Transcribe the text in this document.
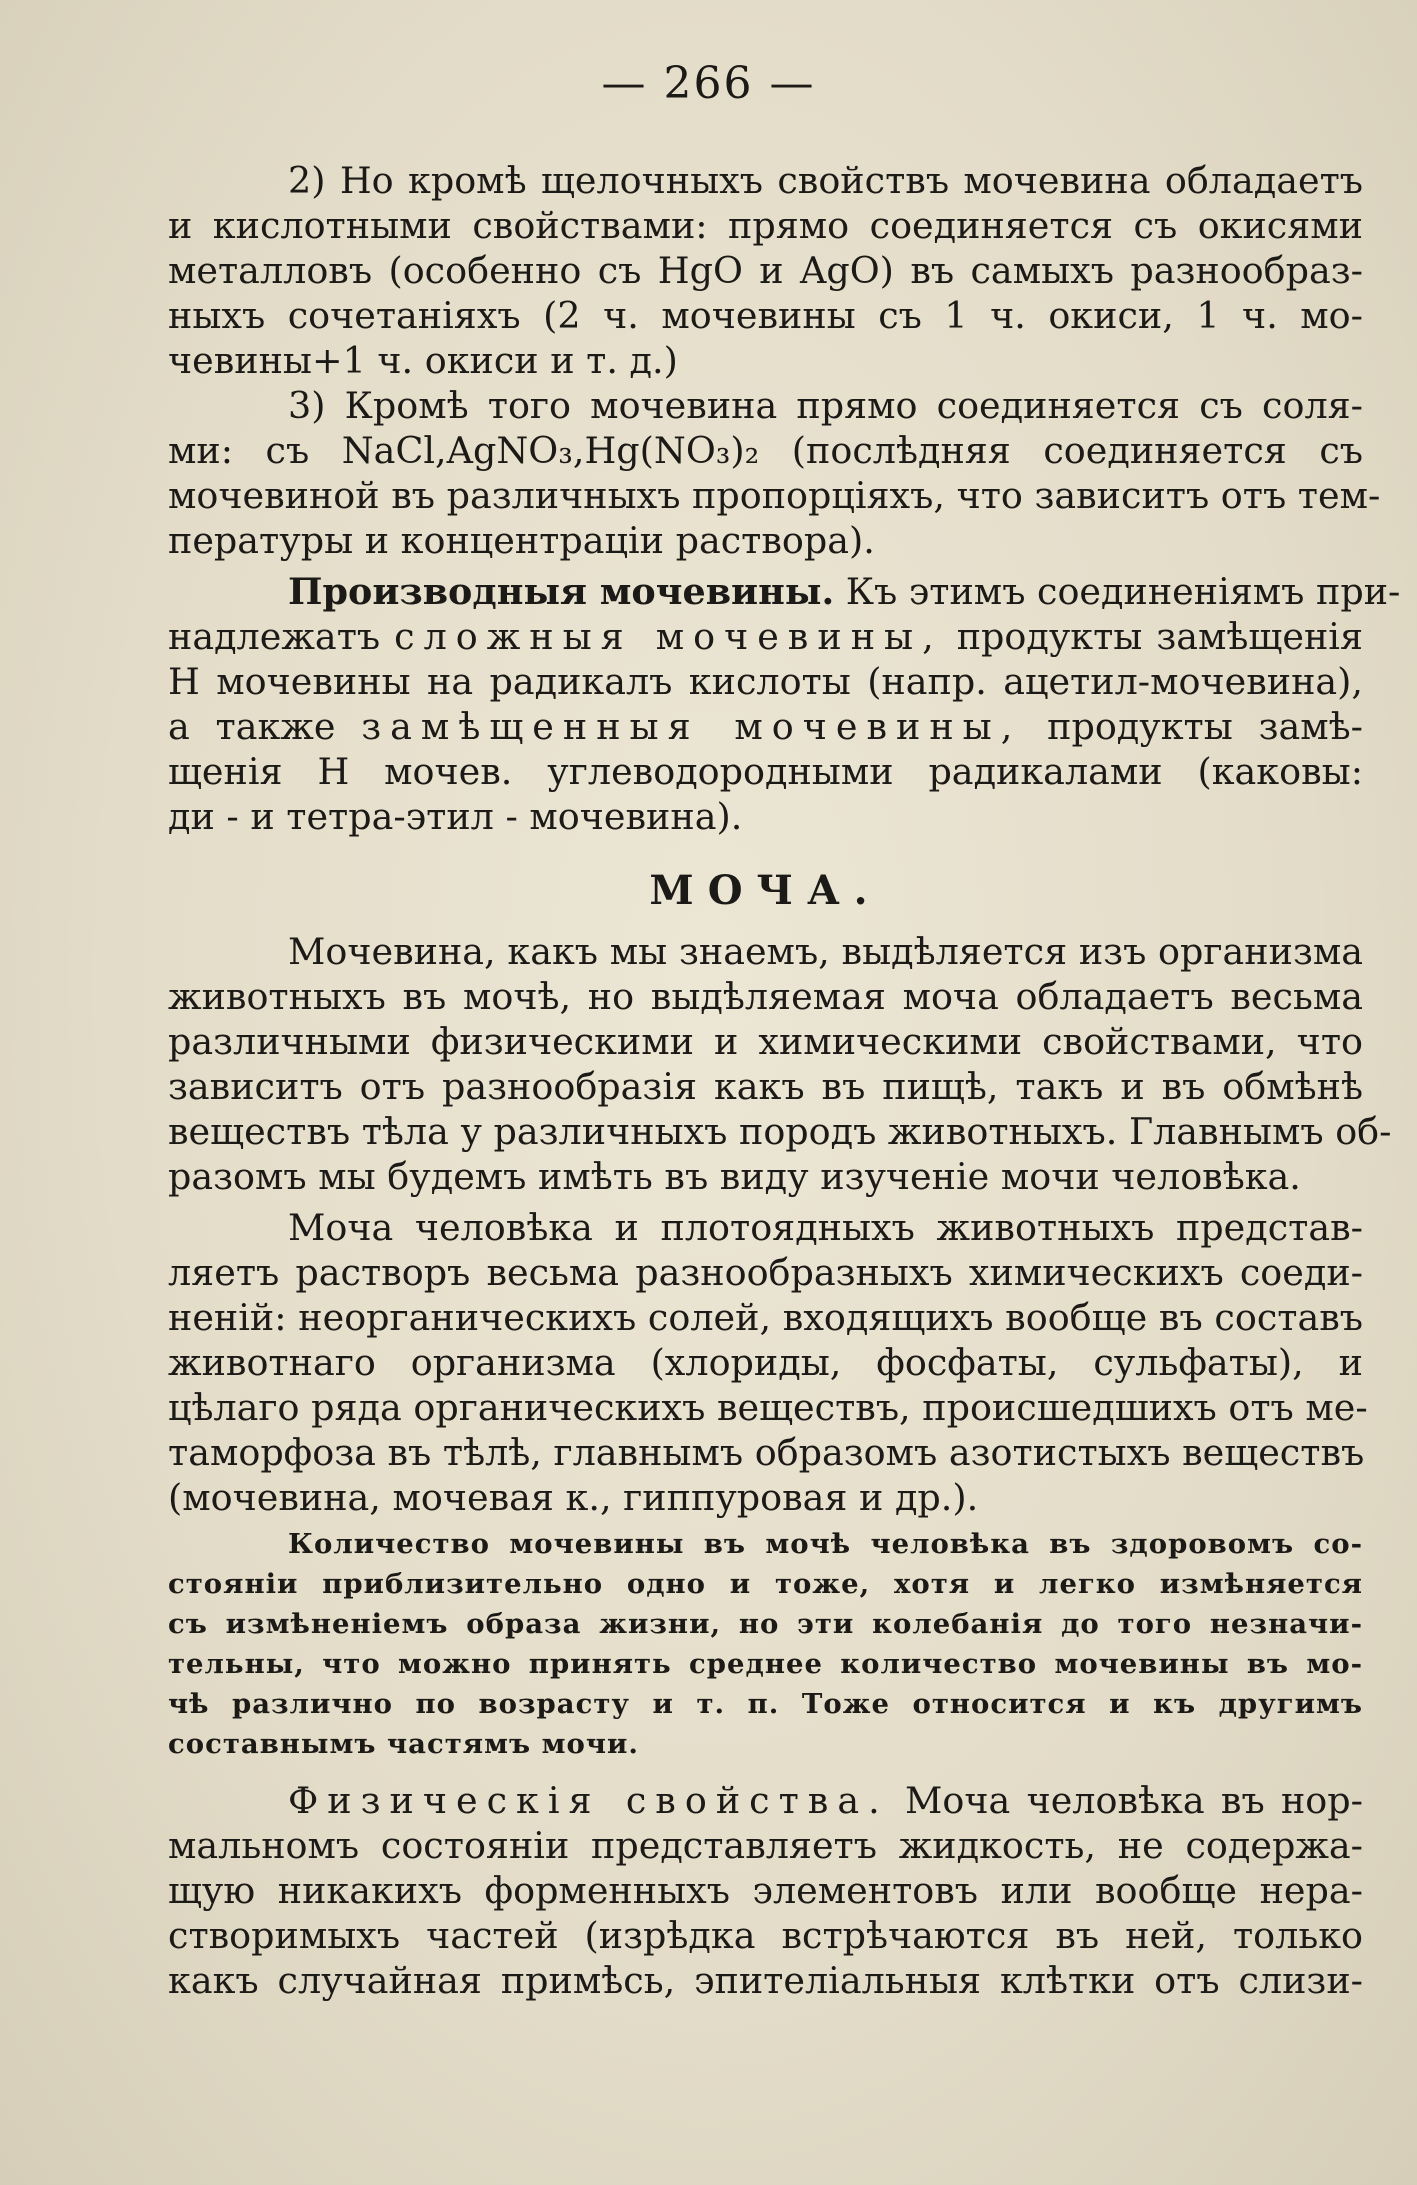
— 266 —
2) Но кромѣ щелочныхъ свойствъ мочевина обладаетъ
и кислотными свойствами: прямо соединяется съ окисями
металловъ (особенно съ HgO и AgO) въ самыхъ разнообраз-
ныхъ сочетаніяхъ (2 ч. мочевины съ 1 ч. окиси, 1 ч. мо-
чевины+1 ч. окиси и т. д.)
3) Кромѣ того мочевина прямо соединяется съ соля-
ми: съ NaCl,AgNO₃,Hg(NO₃)₂ (послѣдняя соединяется съ
мочевиной въ различныхъ пропорціяхъ, что зависитъ отъ тем-
пературы и концентраціи раствора).
Производныя мочевины. Къ этимъ соединеніямъ при-
надлежатъ сложныя мочевины, продукты замѣщенія
Н мочевины на радикалъ кислоты (напр. ацетил-мочевина),
а также замѣщенныя мочевины, продукты замѣ-
щенія Н мочев. углеводородными радикалами (каковы:
ди - и тетра-этил - мочевина).
МОЧА.
Мочевина, какъ мы знаемъ, выдѣляется изъ организма
животныхъ въ мочѣ, но выдѣляемая моча обладаетъ весьма
различными физическими и химическими свойствами, что
зависитъ отъ разнообразія какъ въ пищѣ, такъ и въ обмѣнѣ
веществъ тѣла у различныхъ породъ животныхъ. Главнымъ об-
разомъ мы будемъ имѣть въ виду изученіе мочи человѣка.
Моча человѣка и плотоядныхъ животныхъ представ-
ляетъ растворъ весьма разнообразныхъ химическихъ соеди-
неній: неорганическихъ солей, входящихъ вообще въ составъ
животнаго организма (хлориды, фосфаты, сульфаты), и
цѣлаго ряда органическихъ веществъ, происшедшихъ отъ ме-
таморфоза въ тѣлѣ, главнымъ образомъ азотистыхъ веществъ
(мочевина, мочевая к., гиппуровая и др.).
Количество мочевины въ мочѣ человѣка въ здоровомъ со-
стояніи приблизительно одно и тоже, хотя и легко измѣняется
съ измѣненіемъ образа жизни, но эти колебанія до того незначи-
тельны, что можно принять среднее количество мочевины въ мо-
чѣ различно по возрасту и т. п. Тоже относится и къ другимъ
составнымъ частямъ мочи.
Физическія свойства. Моча человѣка въ нор-
мальномъ состояніи представляетъ жидкость, не содержа-
щую никакихъ форменныхъ элементовъ или вообще нера-
створимыхъ частей (изрѣдка встрѣчаются въ ней, только
какъ случайная примѣсь, эпителіальныя клѣтки отъ слизи-
